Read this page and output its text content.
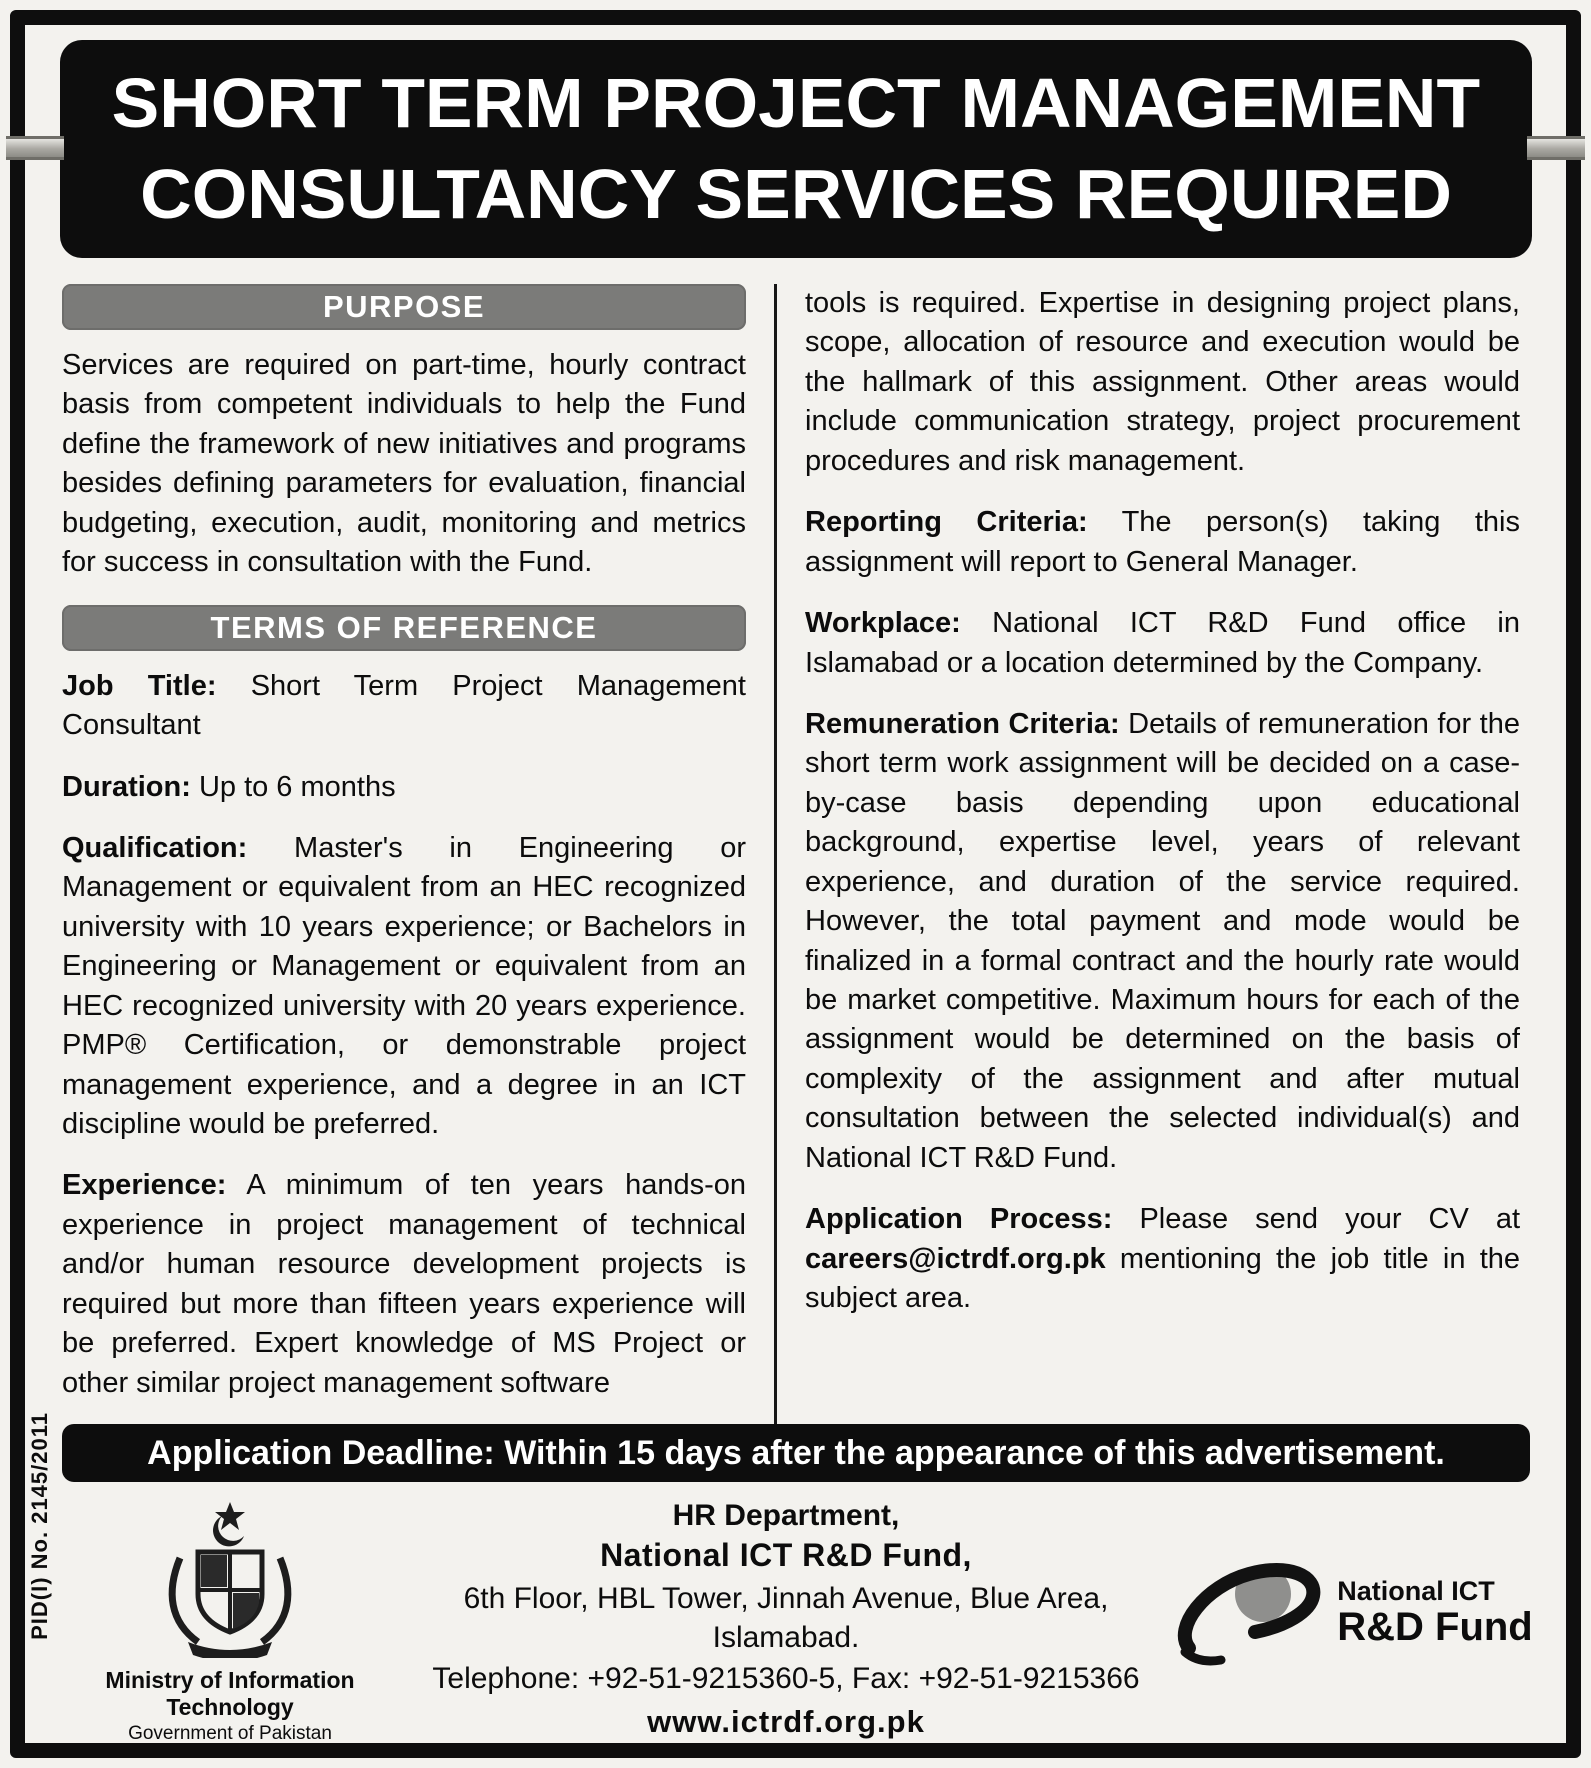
SHORT TERM PROJECT MANAGEMENT
CONSULTANCY SERVICES REQUIRED
PURPOSE

Services are required on part-time, hourly contract basis from competent individuals to help the Fund define the framework of new initiatives and programs besides defining parameters for evaluation, financial budgeting, execution, audit, monitoring and metrics for success in consultation with the Fund.

TERMS OF REFERENCE

Job Title: Short Term Project Management Consultant

Duration: Up to 6 months

Qualification: Master's in Engineering or Management or equivalent from an HEC recognized university with 10 years experience; or Bachelors in Engineering or Management or equivalent from an HEC recognized university with 20 years experience. PMP® Certification, or demonstrable project management experience, and a degree in an ICT discipline would be preferred.

Experience: A minimum of ten years hands-on experience in project management of technical and/or human resource development projects is required but more than fifteen years experience will be preferred. Expert knowledge of MS Project or other similar project management software

tools is required. Expertise in designing project plans, scope, allocation of resource and execution would be the hallmark of this assignment. Other areas would include communication strategy, project procurement procedures and risk management.

Reporting Criteria: The person(s) taking this assignment will report to General Manager.

Workplace: National ICT R&D Fund office in Islamabad or a location determined by the Company.

Remuneration Criteria: Details of remuneration for the short term work assignment will be decided on a case-by-case basis depending upon educational background, expertise level, years of relevant experience, and duration of the service required. However, the total payment and mode would be finalized in a formal contract and the hourly rate would be market competitive. Maximum hours for each of the assignment would be determined on the basis of complexity of the assignment and after mutual consultation between the selected individual(s) and National ICT R&D Fund.

Application Process: Please send your CV at careers@ictrdf.org.pk mentioning the job title in the subject area.

Application Deadline: Within 15 days after the appearance of this advertisement.
Ministry of Information Technology
Government of Pakistan
HR Department,
National ICT R&D Fund,
6th Floor, HBL Tower, Jinnah Avenue, Blue Area, Islamabad.
Telephone: +92-51-9215360-5, Fax: +92-51-9215366
www.ictrdf.org.pk
National ICT
R&D Fund
PID(I) No. 2145/2011
